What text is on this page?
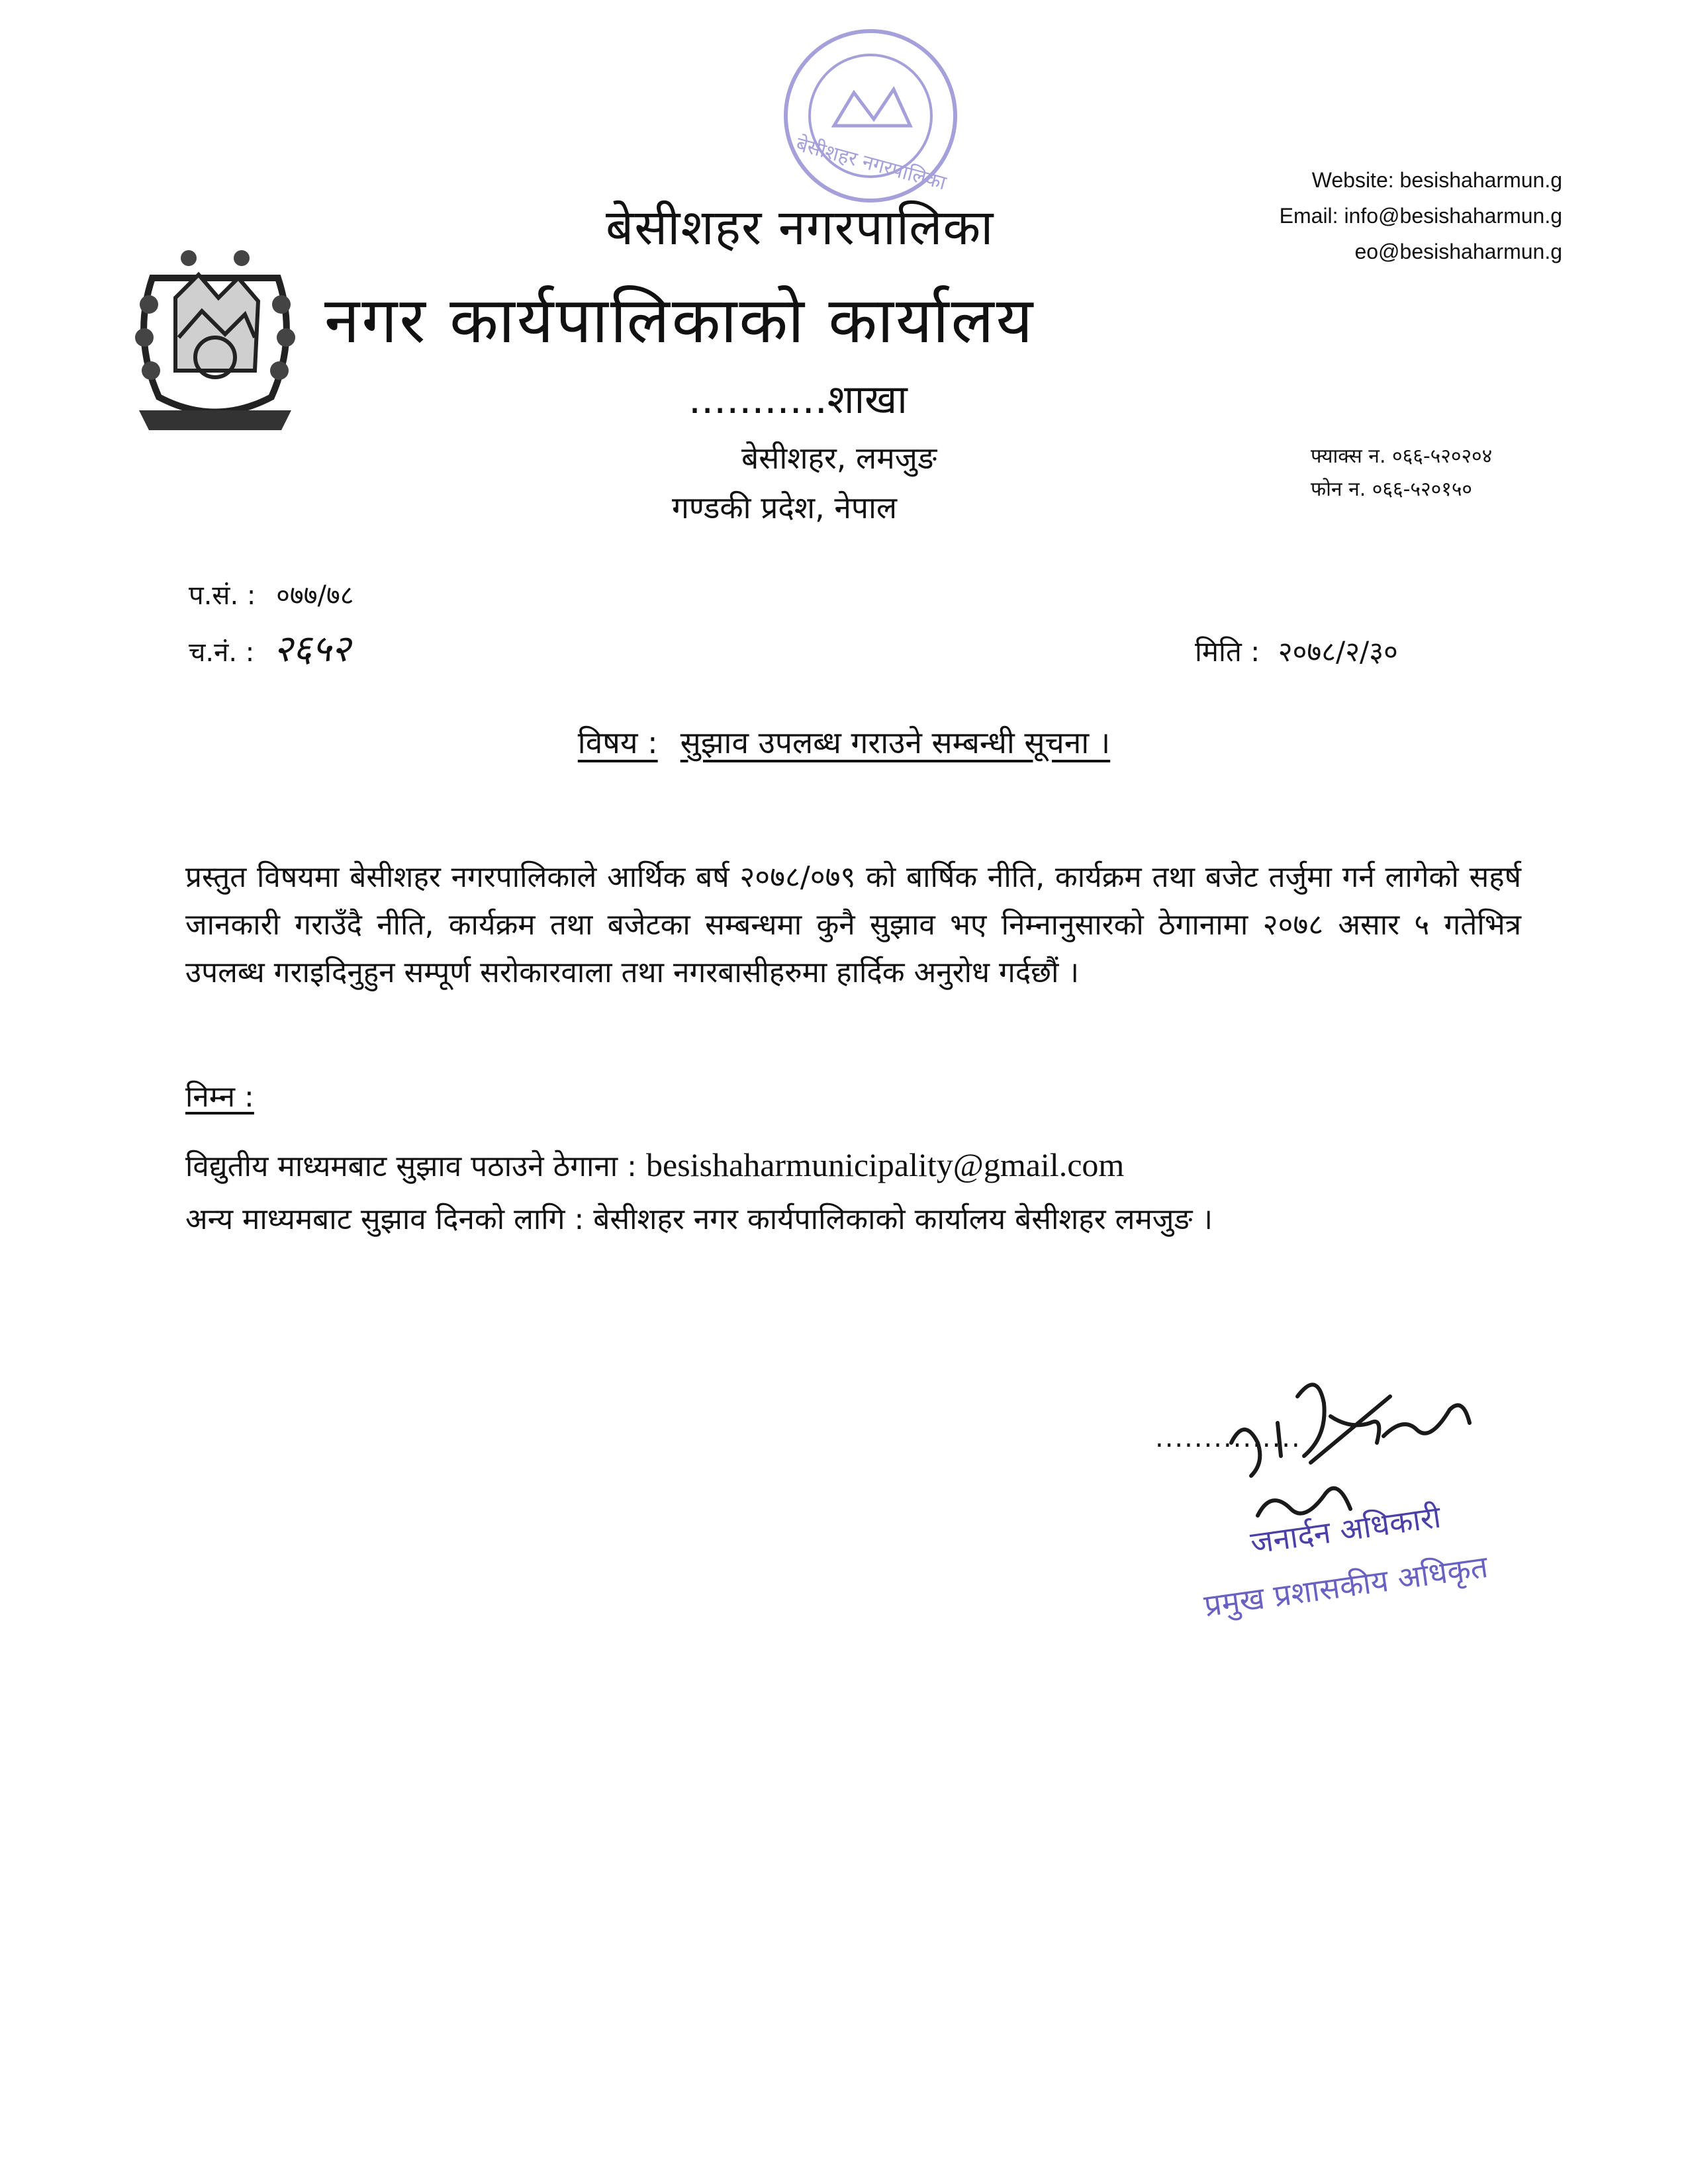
बेसीशहर नगरपालिका
बेसीशहर नगरपालिका
नगर कार्यपालिकाको कार्यालय
...........शाखा
बेसीशहर, लमजुङ
गण्डकी प्रदेश, नेपाल
Website: besishaharmun.g
Email: info@besishaharmun.g
eo@besishaharmun.g
फ्याक्स न. ०६६-५२०२०४
फोन न. ०६६-५२०१५०
प.सं. : ०७७/७८
च.नं. : २६५२	मिति : २०७८/२/३०
विषय : सुझाव उपलब्ध गराउने सम्बन्धी सूचना ।
प्रस्तुत विषयमा बेसीशहर नगरपालिकाले आर्थिक बर्ष २०७८/०७९ को बार्षिक नीति, कार्यक्रम तथा बजेट तर्जुमा गर्न लागेको सहर्ष जानकारी गराउँदै नीति, कार्यक्रम तथा बजेटका सम्बन्धमा कुनै सुझाव भए निम्नानुसारको ठेगानामा २०७८ असार ५ गतेभित्र उपलब्ध गराइदिनुहुन सम्पूर्ण सरोकारवाला तथा नगरबासीहरुमा हार्दिक अनुरोध गर्दछौं ।
निम्न :
विद्युतीय माध्यमबाट सुझाव पठाउने ठेगाना : besishaharmunicipality@gmail.com
अन्य माध्यमबाट सुझाव दिनको लागि : बेसीशहर नगर कार्यपालिकाको कार्यालय बेसीशहर लमजुङ ।
...............
जनार्दन अधिकारी
प्रमुख प्रशासकीय अधिकृत
